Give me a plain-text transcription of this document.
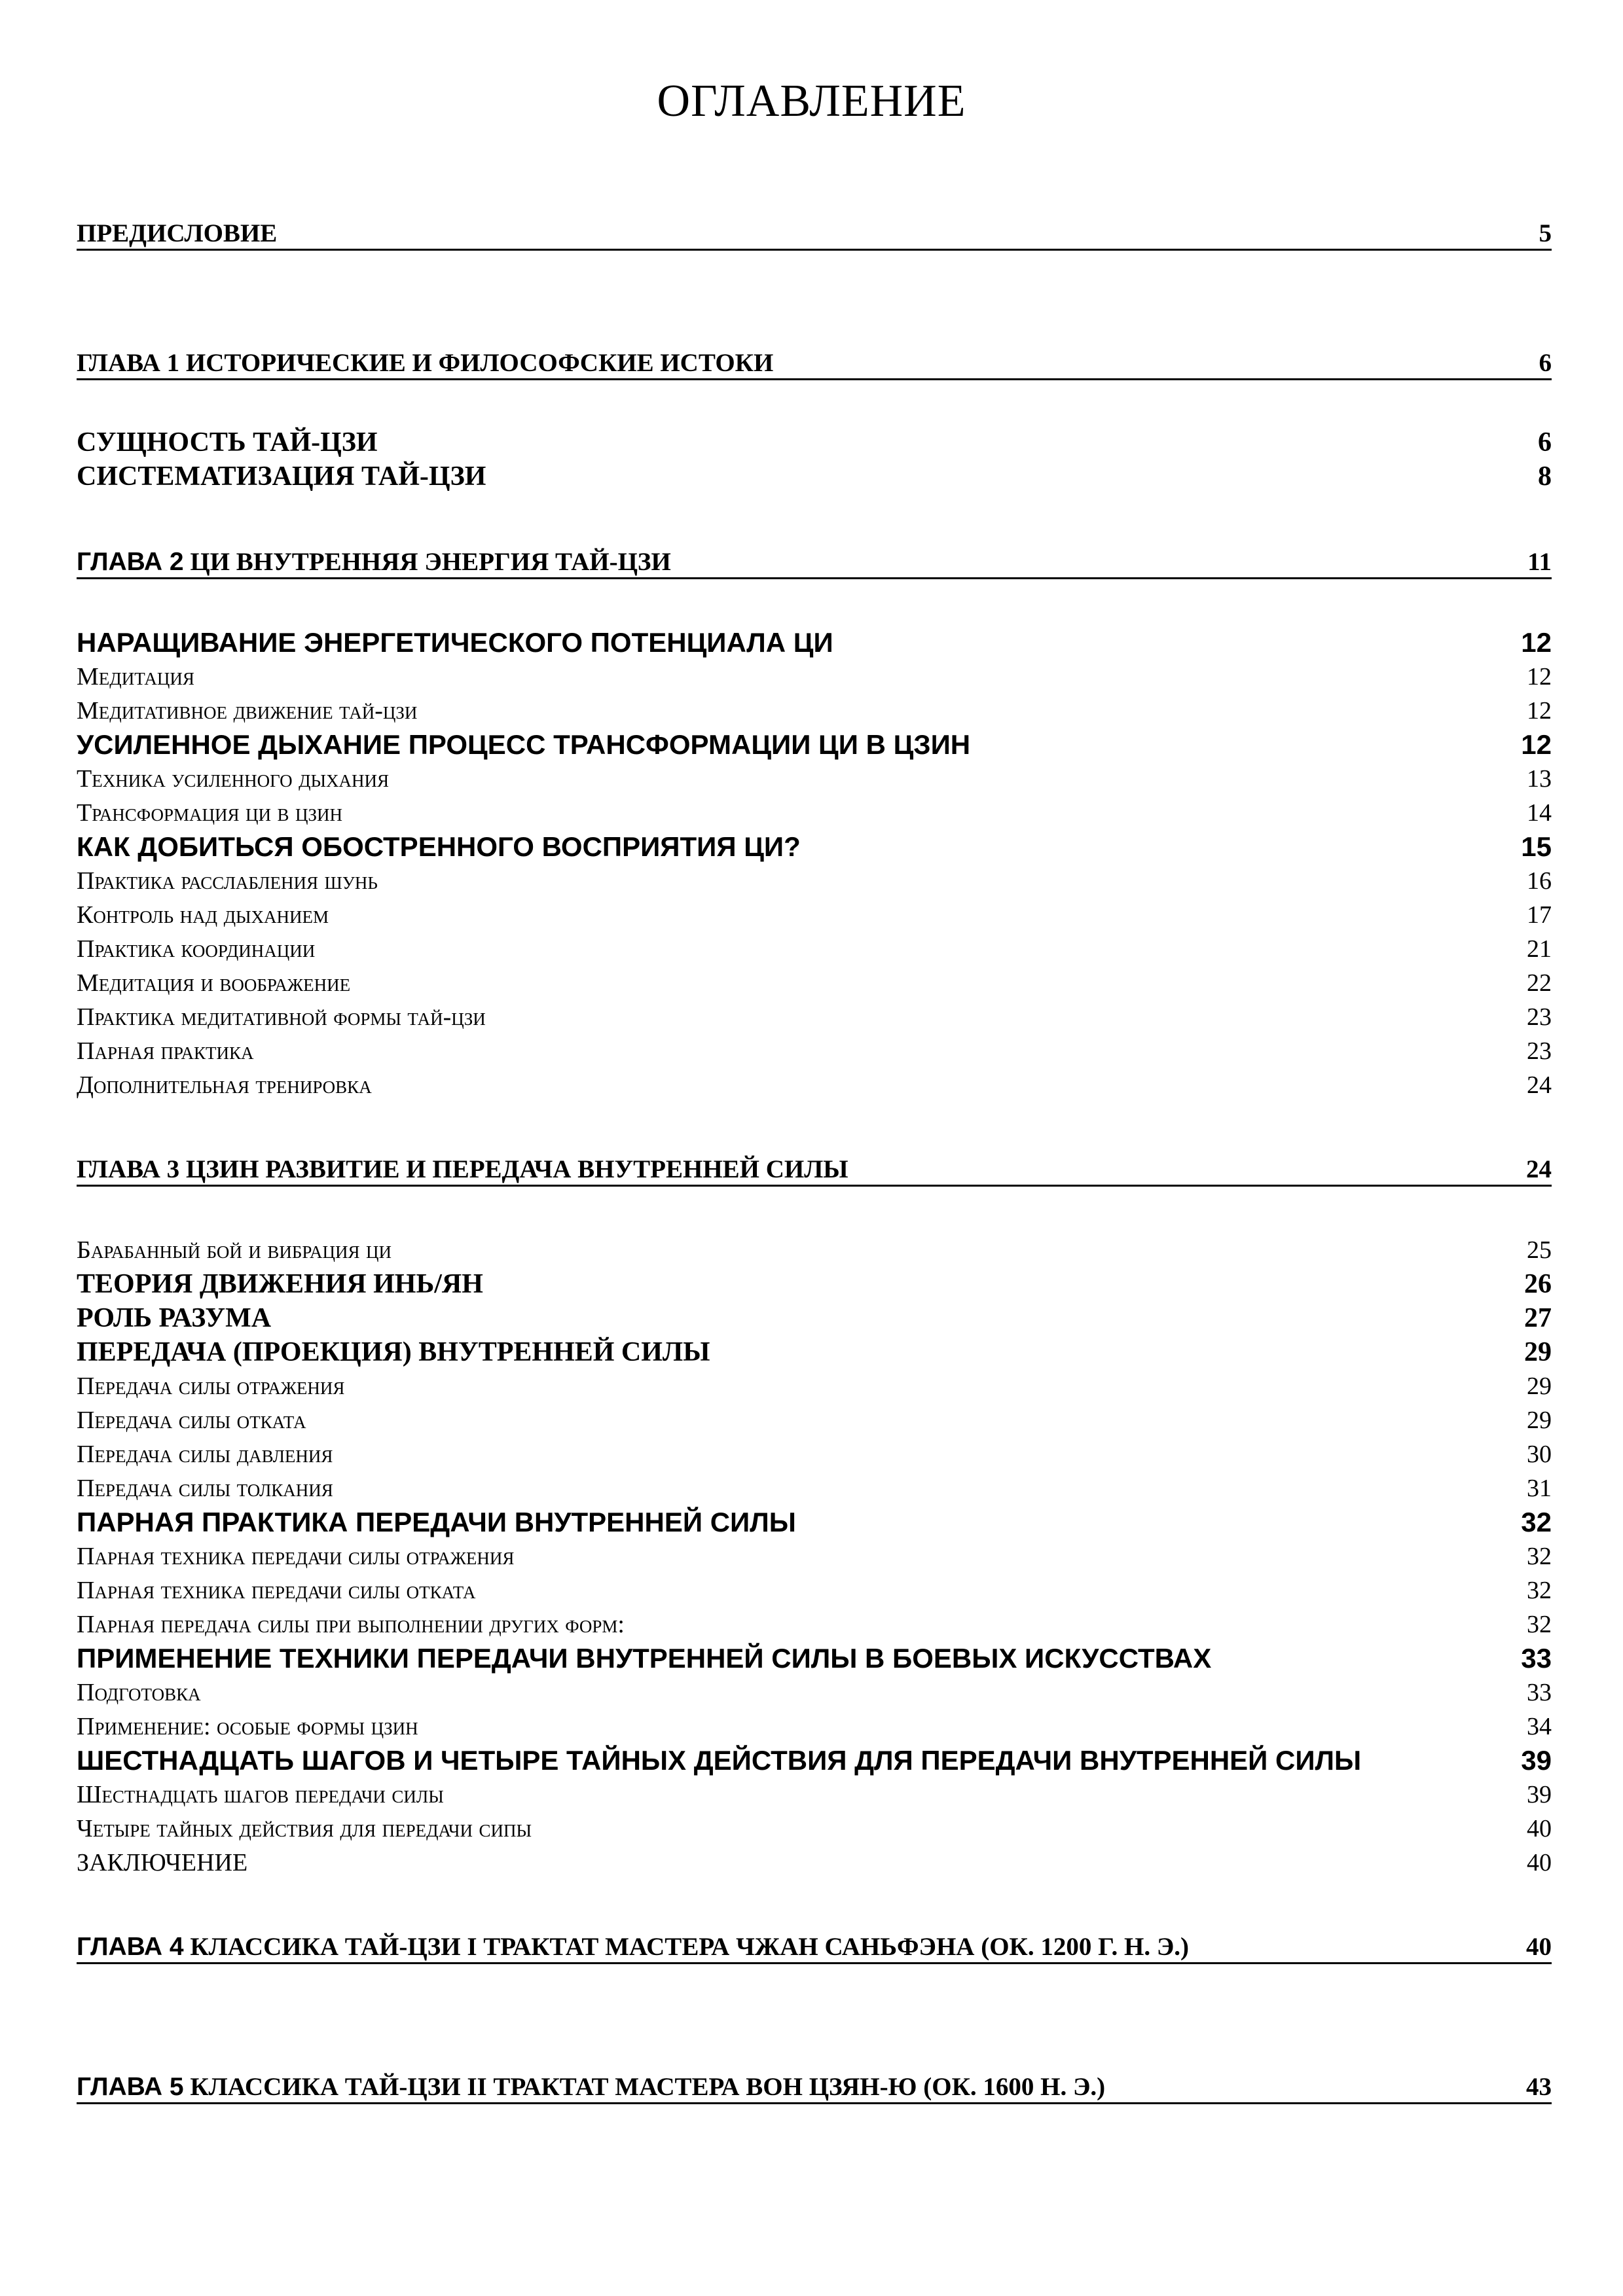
ОГЛАВЛЕНИЕ
ПРЕДИСЛОВИЕ	5
ГЛАВА 1 ИСТОРИЧЕСКИЕ И ФИЛОСОФСКИЕ ИСТОКИ	6
СУЩНОСТЬ ТАЙ-ЦЗИ	6
СИСТЕМАТИЗАЦИЯ ТАЙ-ЦЗИ	8
ГЛАВА 2 ЦИ ВНУТРЕННЯЯ ЭНЕРГИЯ ТАЙ-ЦЗИ	11
НАРАЩИВАНИЕ ЭНЕРГЕТИЧЕСКОГО ПОТЕНЦИАЛА ЦИ	12
Медитация	12
Медитативное движение тай-цзи	12
УСИЛЕННОЕ ДЫХАНИЕ ПРОЦЕСС ТРАНСФОРМАЦИИ ЦИ В ЦЗИН	12
Техника усиленного дыхания	13
Трансформация ци в цзин	14
КАК ДОБИТЬСЯ ОБОСТРЕННОГО ВОСПРИЯТИЯ ЦИ?	15
Практика расслабления шунь	16
Контроль над дыханием	17
Практика координации	21
Медитация и воображение	22
Практика медитативной формы тай-цзи	23
Парная практика	23
Дополнительная тренировка	24
ГЛАВА 3 ЦЗИН РАЗВИТИЕ И ПЕРЕДАЧА ВНУТРЕННЕЙ СИЛЫ	24
Барабанный бой и вибрация ци	25
ТЕОРИЯ ДВИЖЕНИЯ ИНЬ/ЯН	26
РОЛЬ РАЗУМА	27
ПЕРЕДАЧА (ПРОЕКЦИЯ) ВНУТРЕННЕЙ СИЛЫ	29
Передача силы отражения	29
Передача силы отката	29
Передача силы давления	30
Передача силы толкания	31
ПАРНАЯ ПРАКТИКА ПЕРЕДАЧИ ВНУТРЕННЕЙ СИЛЫ	32
Парная техника передачи силы отражения	32
Парная техника передачи силы отката	32
Парная передача силы при выполнении других форм:	32
ПРИМЕНЕНИЕ ТЕХНИКИ ПЕРЕДАЧИ ВНУТРЕННЕЙ СИЛЫ В БОЕВЫХ ИСКУССТВАХ	33
Подготовка	33
Применение: особые формы цзин	34
ШЕСТНАДЦАТЬ ШАГОВ И ЧЕТЫРЕ ТАЙНЫХ ДЕЙСТВИЯ ДЛЯ ПЕРЕДАЧИ ВНУТРЕННЕЙ СИЛЫ	39
Шестнадцать шагов передачи силы	39
Четыре тайных действия для передачи сипы	40
ЗАКЛЮЧЕНИЕ	40
ГЛАВА 4 КЛАССИКА ТАЙ-ЦЗИ I ТРАКТАТ МАСТЕРА ЧЖАН САНЬФЭНА (ОК. 1200 Г. Н. Э.)	40
ГЛАВА 5 КЛАССИКА ТАЙ-ЦЗИ II ТРАКТАТ МАСТЕРА ВОН ЦЗЯН-Ю (ОК. 1600 Н. Э.)	43
